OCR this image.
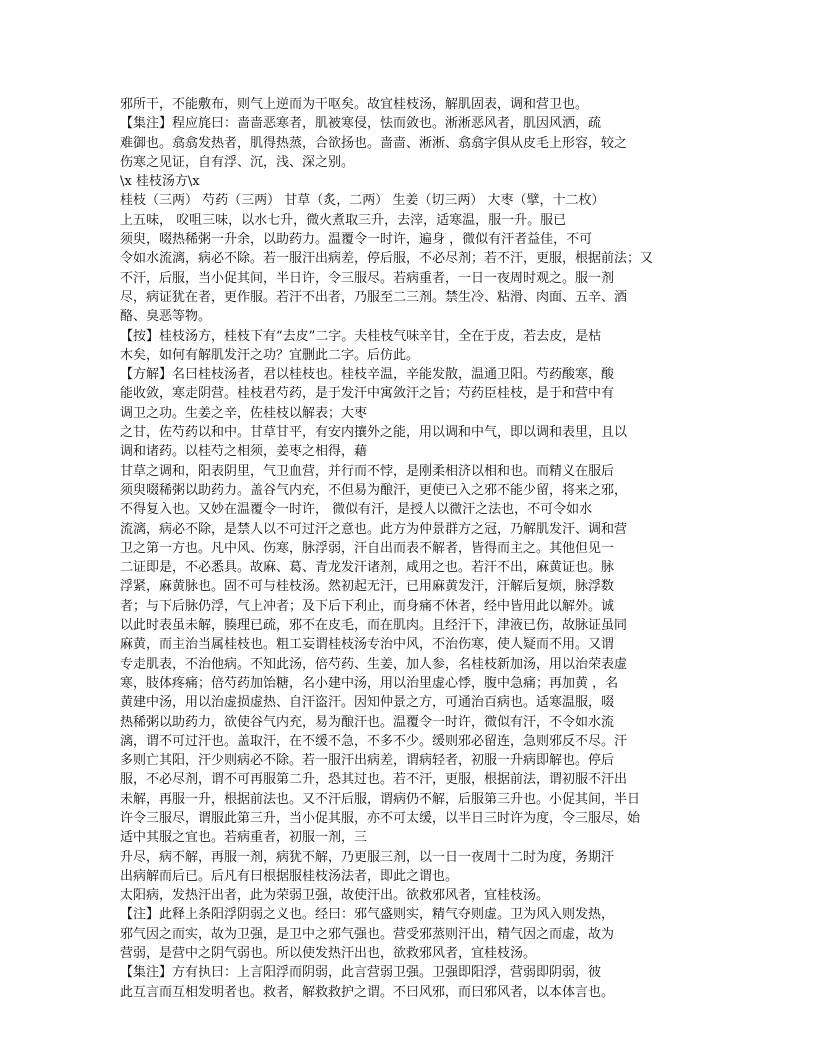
邪所干，不能敷布，则气上逆而为干呕矣。故宜桂枝汤，解肌固表，调和营卫也。
【集注】程应旄曰：啬啬恶寒者，肌被寒侵，怯而敛也。淅淅恶风者，肌因风洒，疏
难御也。翕翕发热者，肌得热蒸，合欲扬也。啬啬、淅淅、翕翕字俱从皮毛上形容，较之
伤寒之见证，自有浮、沉，浅、深之别。
\x 桂枝汤方\x
桂枝（三两） 芍药（三两） 甘草（炙，二两） 生姜（切三两） 大枣（擘，十二枚）
上五味， 㕮咀三味，以水七升，微火煮取三升，去滓，适寒温，服一升。服已
须臾，啜热稀粥一升余，以助药力。温覆令一时许，遍身 ，微似有汗者益佳，不可
令如水流漓，病必不除。若一服汗出病差，停后服，不必尽剂；若不汗，更服，根据前法；又
不汗，后服，当小促其间，半日许，令三服尽。若病重者，一日一夜周时观之。服一剂
尽，病证犹在者，更作服。若汗不出者，乃服至二三剂。禁生冷、粘滑、肉面、五辛、酒
酪、臭恶等物。
【按】桂枝汤方，桂枝下有“去皮”二字。夫桂枝气味辛甘，全在于皮，若去皮，是枯
木矣，如何有解肌发汗之功？宜删此二字。后仿此。
【方解】名曰桂枝汤者，君以桂枝也。桂枝辛温，辛能发散，温通卫阳。芍药酸寒，酸
能收敛，寒走阴营。桂枝君芍药，是于发汗中寓敛汗之旨；芍药臣桂枝，是于和营中有
调卫之功。生姜之辛，佐桂枝以解表；大枣
之甘，佐芍药以和中。甘草甘平，有安内攘外之能，用以调和中气，即以调和表里，且以
调和诸药。以桂芍之相须，姜枣之相得，藉
甘草之调和，阳表阴里，气卫血营，并行而不悖，是刚柔相济以相和也。而精义在服后
须臾啜稀粥以助药力。盖谷气内充，不但易为酿汗，更使已入之邪不能少留，将来之邪，
不得复入也。又妙在温覆令一时许， 微似有汗，是授人以微汗之法也，不可令如水
流漓，病必不除，是禁人以不可过汗之意也。此方为仲景群方之冠，乃解肌发汗、调和营
卫之第一方也。凡中风、伤寒，脉浮弱，汗自出而表不解者，皆得而主之。其他但见一
二证即是，不必悉具。故麻、葛、青龙发汗诸剂，咸用之也。若汗不出，麻黄证也。脉
浮紧，麻黄脉也。固不可与桂枝汤。然初起无汗，已用麻黄发汗，汗解后复烦，脉浮数
者；与下后脉仍浮，气上冲者；及下后下利止，而身痛不休者，经中皆用此以解外。诚
以此时表虽未解，腠理已疏，邪不在皮毛，而在肌肉。且经汗下，津液已伤，故脉证虽同
麻黄，而主治当属桂枝也。粗工妄谓桂枝汤专治中风，不治伤寒，使人疑而不用。又谓
专走肌表，不治他病。不知此汤，倍芍药、生姜，加人参，名桂枝新加汤，用以治荣表虚
寒，肢体疼痛；倍芍药加饴糖，名小建中汤，用以治里虚心悸，腹中急痛；再加黄 ，名
黄建中汤，用以治虚损虚热、自汗盗汗。因知仲景之方，可通治百病也。适寒温服，啜
热稀粥以助药力，欲使谷气内充，易为酿汗也。温覆令一时许，微似有汗，不令如水流
漓，谓不可过汗也。盖取汗，在不缓不急，不多不少。缓则邪必留连，急则邪反不尽。汗
多则亡其阳，汗少则病必不除。若一服汗出病差，谓病轻者，初服一升病即解也。停后
服，不必尽剂，谓不可再服第二升，恐其过也。若不汗，更服，根据前法，谓初服不汗出
未解，再服一升，根据前法也。又不汗后服，谓病仍不解，后服第三升也。小促其间，半日
许令三服尽，谓服此第三升，当小促其服，亦不可太缓，以半日三时许为度，令三服尽，始
适中其服之宜也。若病重者，初服一剂，三
升尽，病不解，再服一剂，病犹不解，乃更服三剂，以一日一夜周十二时为度，务期汗
出病解而后已。后凡有曰根据服桂枝汤法者，即此之谓也。
太阳病，发热汗出者，此为荣弱卫强，故使汗出。欲救邪风者，宜桂枝汤。
【注】此释上条阳浮阴弱之义也。经曰：邪气盛则实，精气夺则虚。卫为风入则发热，
邪气因之而实，故为卫强，是卫中之邪气强也。营受邪蒸则汗出，精气因之而虚，故为
营弱，是营中之阴气弱也。所以使发热汗出也，欲救邪风者，宜桂枝汤。
【集注】方有执曰：上言阳浮而阴弱，此言营弱卫强。卫强即阳浮，营弱即阴弱，彼
此互言而互相发明者也。救者，解救救护之谓。不曰风邪，而曰邪风者，以本体言也。
